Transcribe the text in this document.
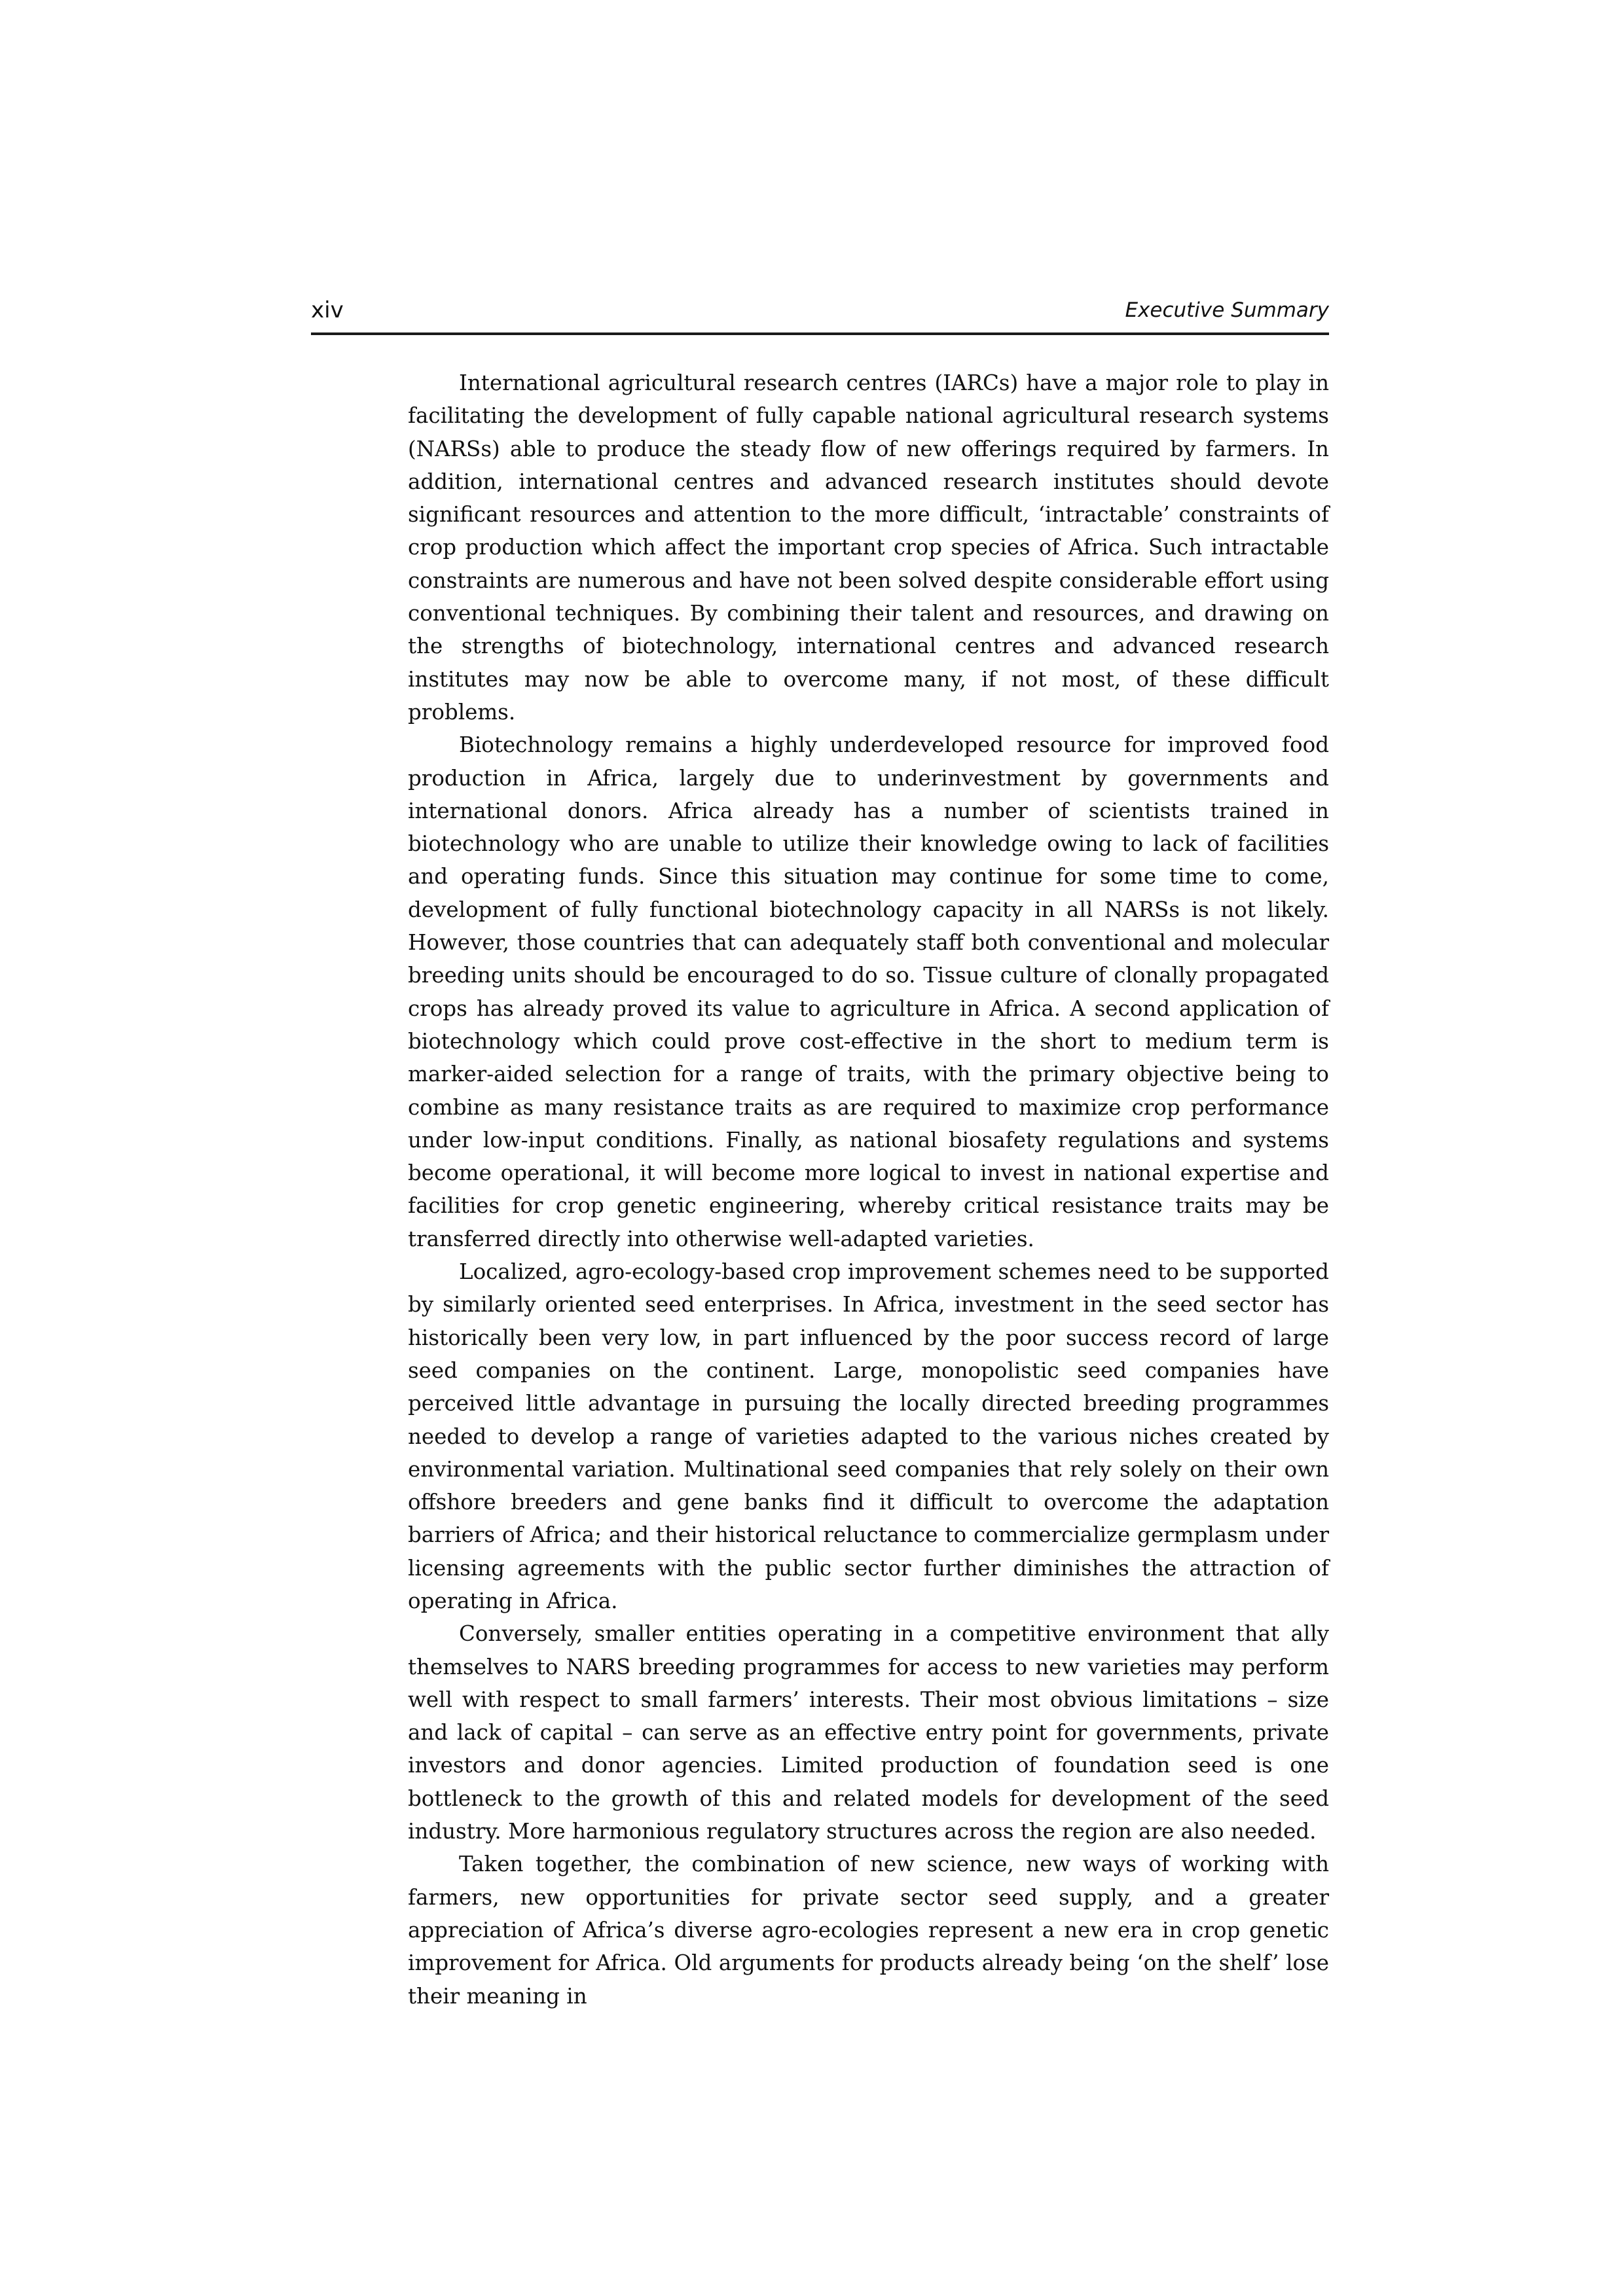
xiv	Executive Summary

International agricultural research centres (IARCs) have a major role to play in facilitating the development of fully capable national agricultural research systems (NARSs) able to produce the steady flow of new offerings required by farmers. In addition, international centres and advanced research institutes should devote significant resources and attention to the more difficult, ‘intractable’ constraints of crop production which affect the important crop species of Africa. Such intractable constraints are numerous and have not been solved despite considerable effort using conventional techniques. By combining their talent and resources, and drawing on the strengths of biotechnology, international centres and advanced research institutes may now be able to overcome many, if not most, of these difficult problems.

Biotechnology remains a highly underdeveloped resource for improved food production in Africa, largely due to underinvestment by governments and international donors. Africa already has a number of scientists trained in biotechnology who are unable to utilize their knowledge owing to lack of facilities and operating funds. Since this situation may continue for some time to come, development of fully functional biotechnology capacity in all NARSs is not likely. However, those countries that can adequately staff both conventional and molecular breeding units should be encouraged to do so. Tissue culture of clonally propagated crops has already proved its value to agriculture in Africa. A second application of biotechnology which could prove cost-effective in the short to medium term is marker-aided selection for a range of traits, with the primary objective being to combine as many resistance traits as are required to maximize crop performance under low-input conditions. Finally, as national biosafety regulations and systems become operational, it will become more logical to invest in national expertise and facilities for crop genetic engineering, whereby critical resistance traits may be transferred directly into otherwise well-adapted varieties.

Localized, agro-ecology-based crop improvement schemes need to be supported by similarly oriented seed enterprises. In Africa, investment in the seed sector has historically been very low, in part influenced by the poor success record of large seed companies on the continent. Large, monopolistic seed companies have perceived little advantage in pursuing the locally directed breeding programmes needed to develop a range of varieties adapted to the various niches created by environmental variation. Multinational seed companies that rely solely on their own offshore breeders and gene banks find it difficult to overcome the adaptation barriers of Africa; and their historical reluctance to commercialize germplasm under licensing agreements with the public sector further diminishes the attraction of operating in Africa.

Conversely, smaller entities operating in a competitive environment that ally themselves to NARS breeding programmes for access to new varieties may perform well with respect to small farmers’ interests. Their most obvious limitations – size and lack of capital – can serve as an effective entry point for governments, private investors and donor agencies. Limited production of foundation seed is one bottleneck to the growth of this and related models for development of the seed industry. More harmonious regulatory structures across the region are also needed.

Taken together, the combination of new science, new ways of working with farmers, new opportunities for private sector seed supply, and a greater appreciation of Africa’s diverse agro-ecologies represent a new era in crop genetic improvement for Africa. Old arguments for products already being ‘on the shelf’ lose their meaning in
